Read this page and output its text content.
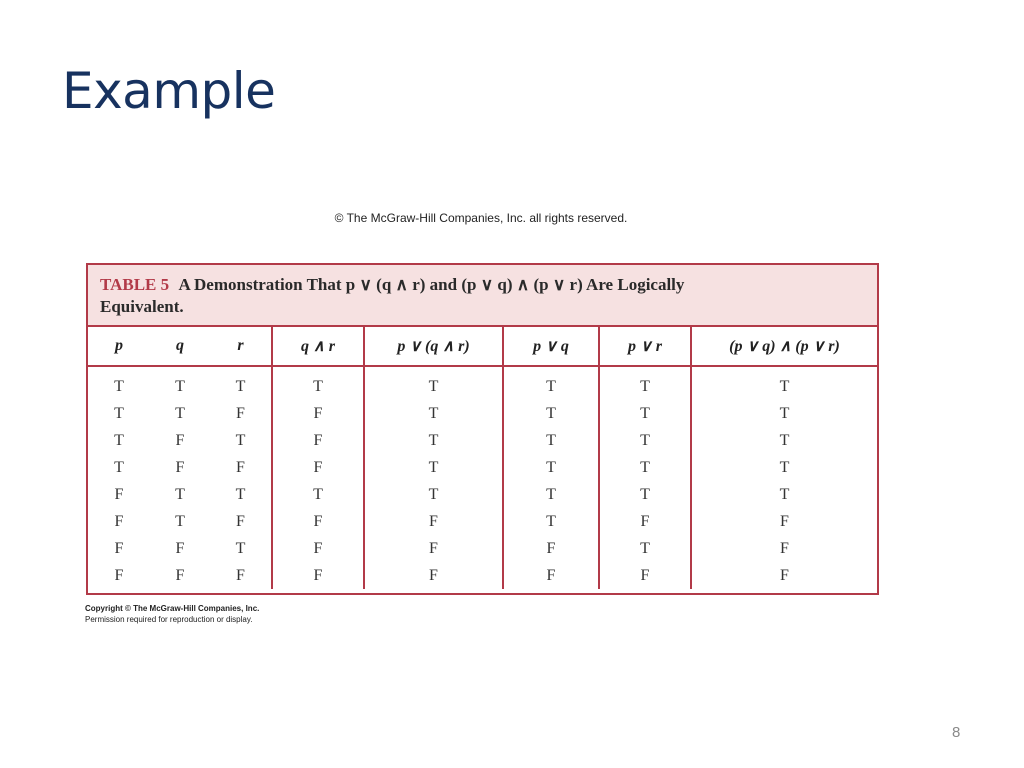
Example
© The McGraw-Hill Companies, Inc. all rights reserved.
TABLE 5 A Demonstration That p ∨ (q ∧ r) and (p ∨ q) ∧ (p ∨ r) Are Logically
Equivalent.
p	q	r	q ∧ r	p ∨ (q ∧ r)	p ∨ q	p ∨ r	(p ∨ q) ∧ (p ∨ r)
T	T	T	T	T	T	T	T
T	T	F	F	T	T	T	T
T	F	T	F	T	T	T	T
T	F	F	F	T	T	T	T
F	T	T	T	T	T	T	T
F	T	F	F	F	T	F	F
F	F	T	F	F	F	T	F
F	F	F	F	F	F	F	F
Copyright © The McGraw-Hill Companies, Inc.
Permission required for reproduction or display.
8
